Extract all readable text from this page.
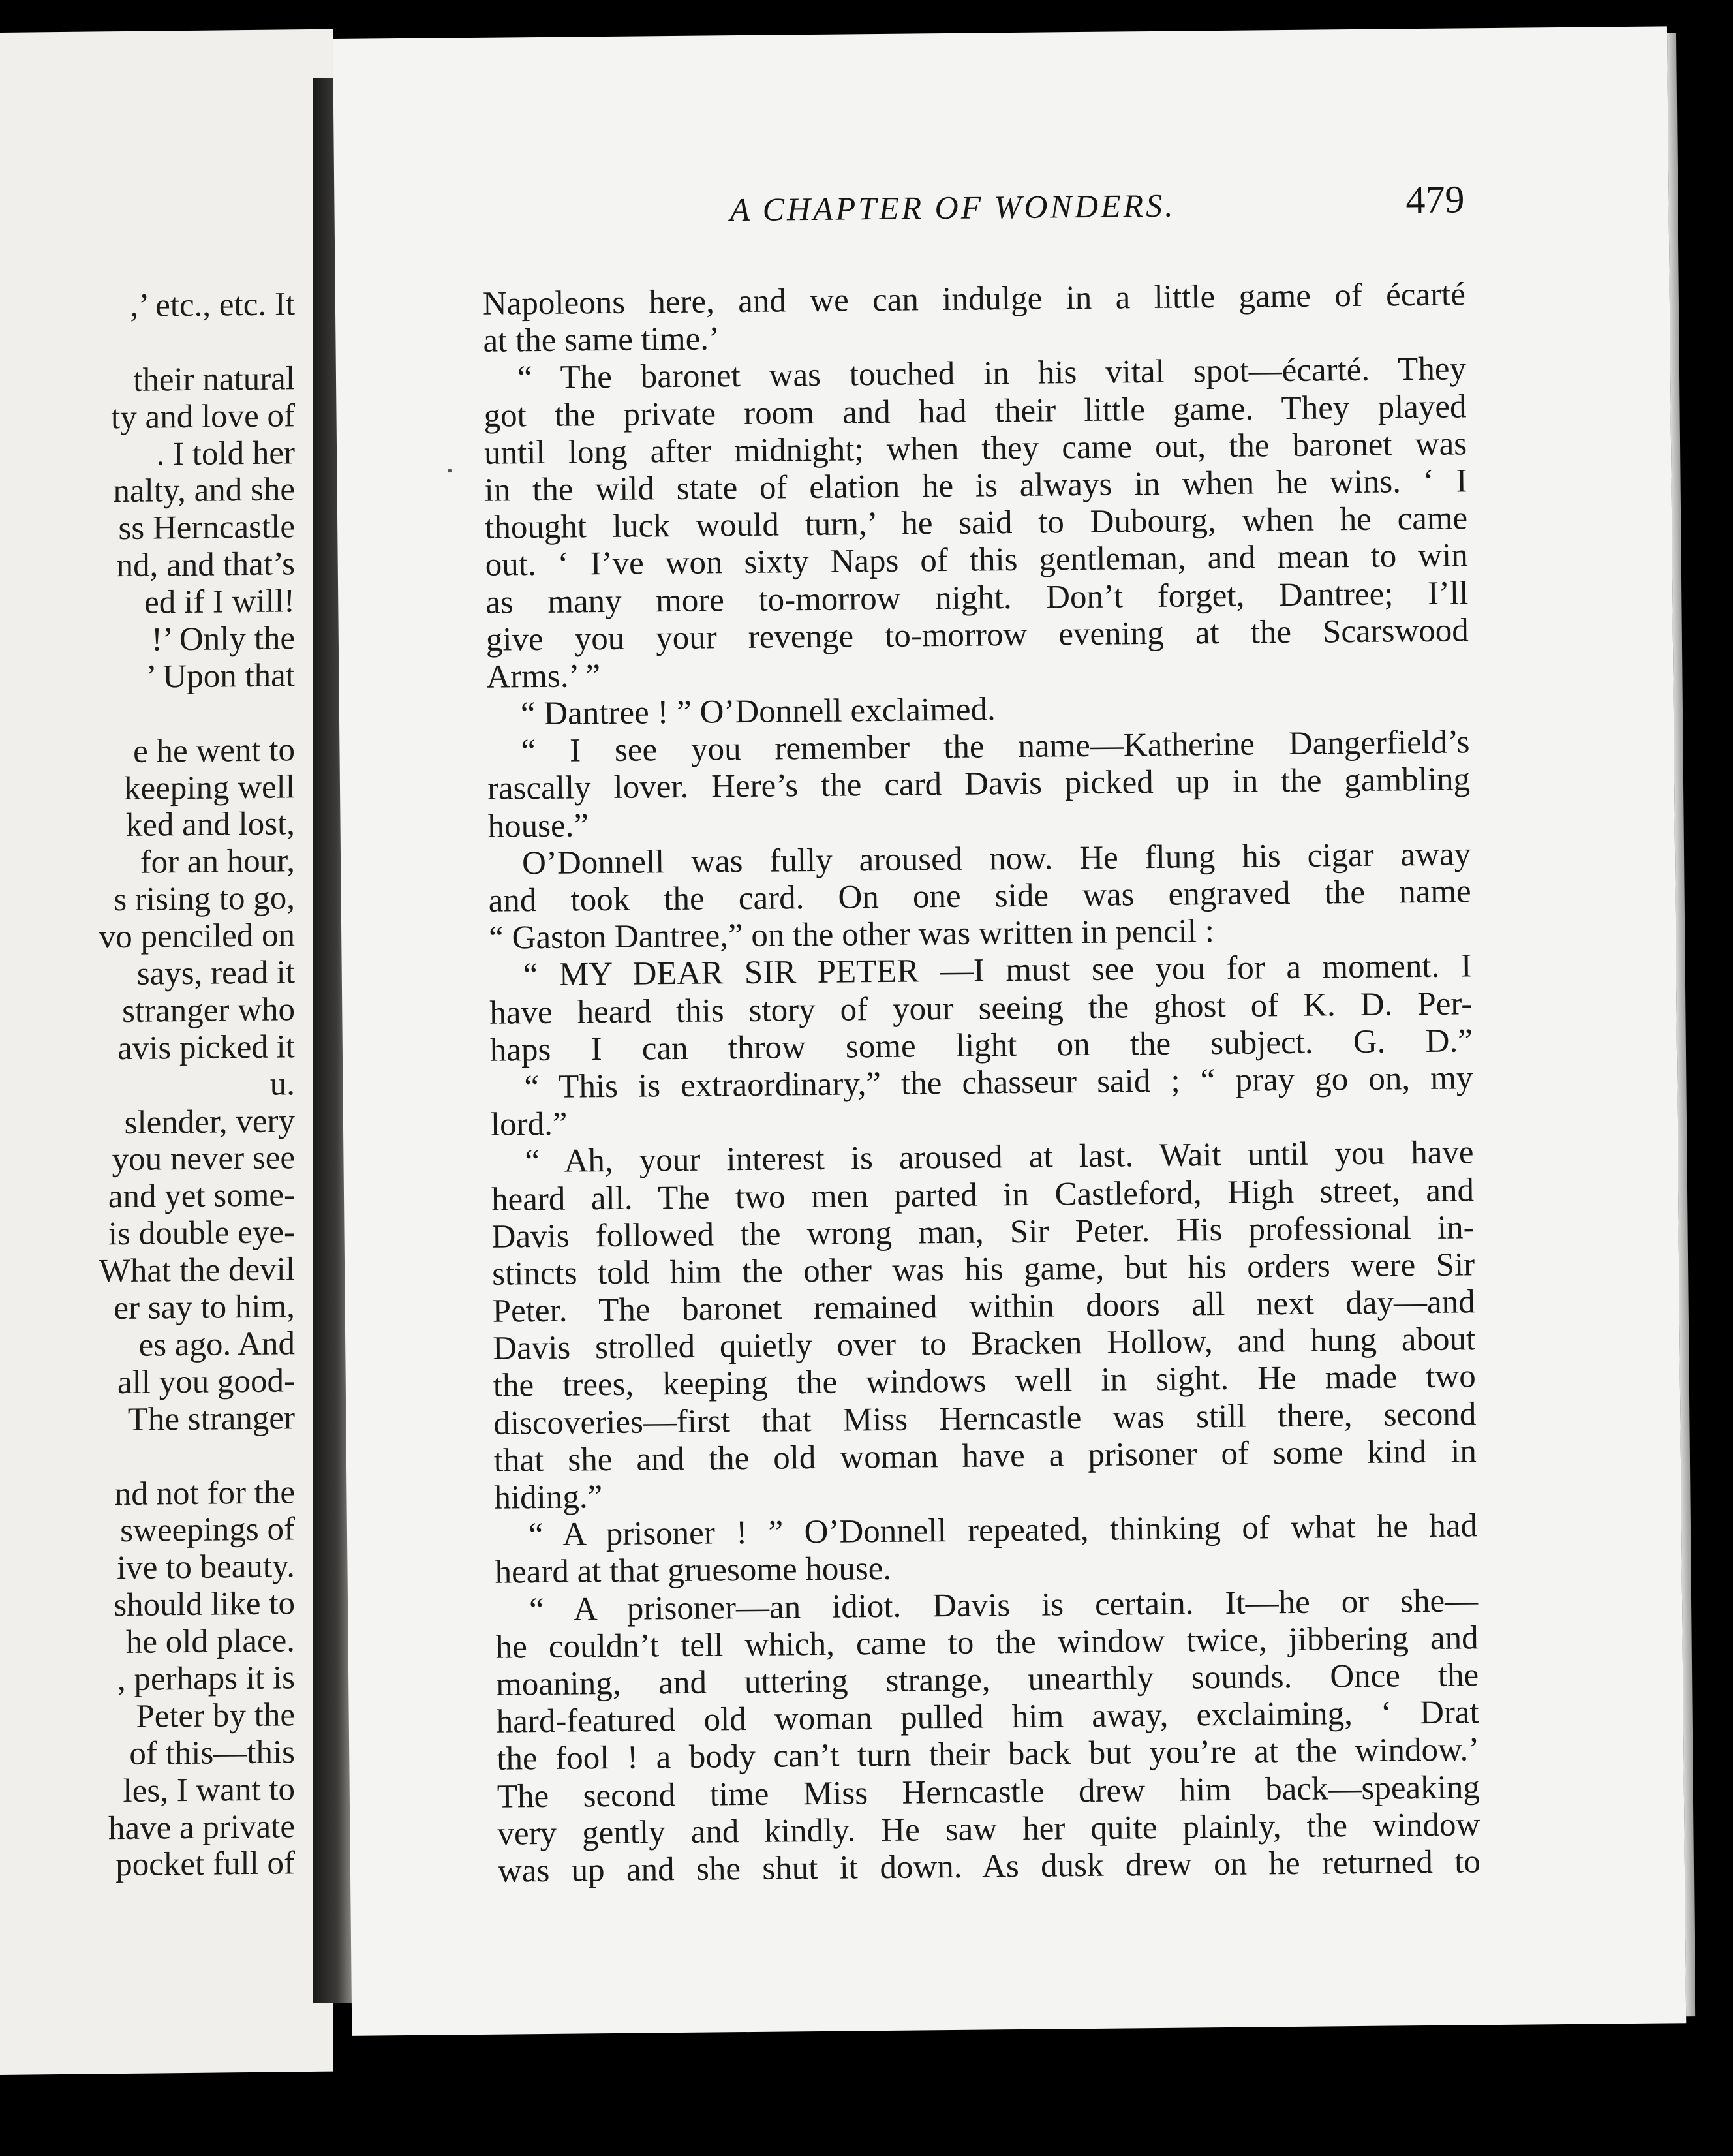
,’ etc., etc. It
their natural
ty and love of
. I told her
nalty, and she
ss Herncastle
nd, and that’s
ed if I will!
!’ Only the
’ Upon that
e he went to
keeping well
ked and lost,
for an hour,
s rising to go,
vo penciled on
says, read it
stranger who
avis picked it
u.
slender, very
you never see
and yet some-
is double eye-
What the devil
er say to him,
es ago. And
all you good-
The stranger
nd not for the
sweepings of
ive to beauty.
should like to
he old place.
, perhaps it is
Peter by the
of this—this
les, I want to
have a private
pocket full of
A CHAPTER OF WONDERS.	479
Napoleons here, and we can indulge in a little game of écarté
at the same time.’
“ The baronet was touched in his vital spot—écarté. They
got the private room and had their little game. They played
until long after midnight; when they came out, the baronet was
in the wild state of elation he is always in when he wins. ‘ I
thought luck would turn,’ he said to Dubourg, when he came
out. ‘ I’ve won sixty Naps of this gentleman, and mean to win
as many more to-morrow night. Don’t forget, Dantree; I’ll
give you your revenge to-morrow evening at the Scarswood
Arms.’ ”
“ Dantree ! ” O’Donnell exclaimed.
“ I see you remember the name—Katherine Dangerfield’s
rascally lover. Here’s the card Davis picked up in the gambling
house.”
O’Donnell was fully aroused now. He flung his cigar away
and took the card. On one side was engraved the name
“ Gaston Dantree,” on the other was written in pencil :
“ MY DEAR SIR PETER —I must see you for a moment. I
have heard this story of your seeing the ghost of K. D. Per-
haps I can throw some light on the subject. G. D.”
“ This is extraordinary,” the chasseur said ; “ pray go on, my
lord.”
“ Ah, your interest is aroused at last. Wait until you have
heard all. The two men parted in Castleford, High street, and
Davis followed the wrong man, Sir Peter. His professional in-
stincts told him the other was his game, but his orders were Sir
Peter. The baronet remained within doors all next day—and
Davis strolled quietly over to Bracken Hollow, and hung about
the trees, keeping the windows well in sight. He made two
discoveries—first that Miss Herncastle was still there, second
that she and the old woman have a prisoner of some kind in
hiding.”
“ A prisoner ! ” O’Donnell repeated, thinking of what he had
heard at that gruesome house.
“ A prisoner—an idiot. Davis is certain. It—he or she—
he couldn’t tell which, came to the window twice, jibbering and
moaning, and uttering strange, unearthly sounds. Once the
hard-featured old woman pulled him away, exclaiming, ‘ Drat
the fool ! a body can’t turn their back but you’re at the window.’
The second time Miss Herncastle drew him back—speaking
very gently and kindly. He saw her quite plainly, the window
was up and she shut it down. As dusk drew on he returned to
